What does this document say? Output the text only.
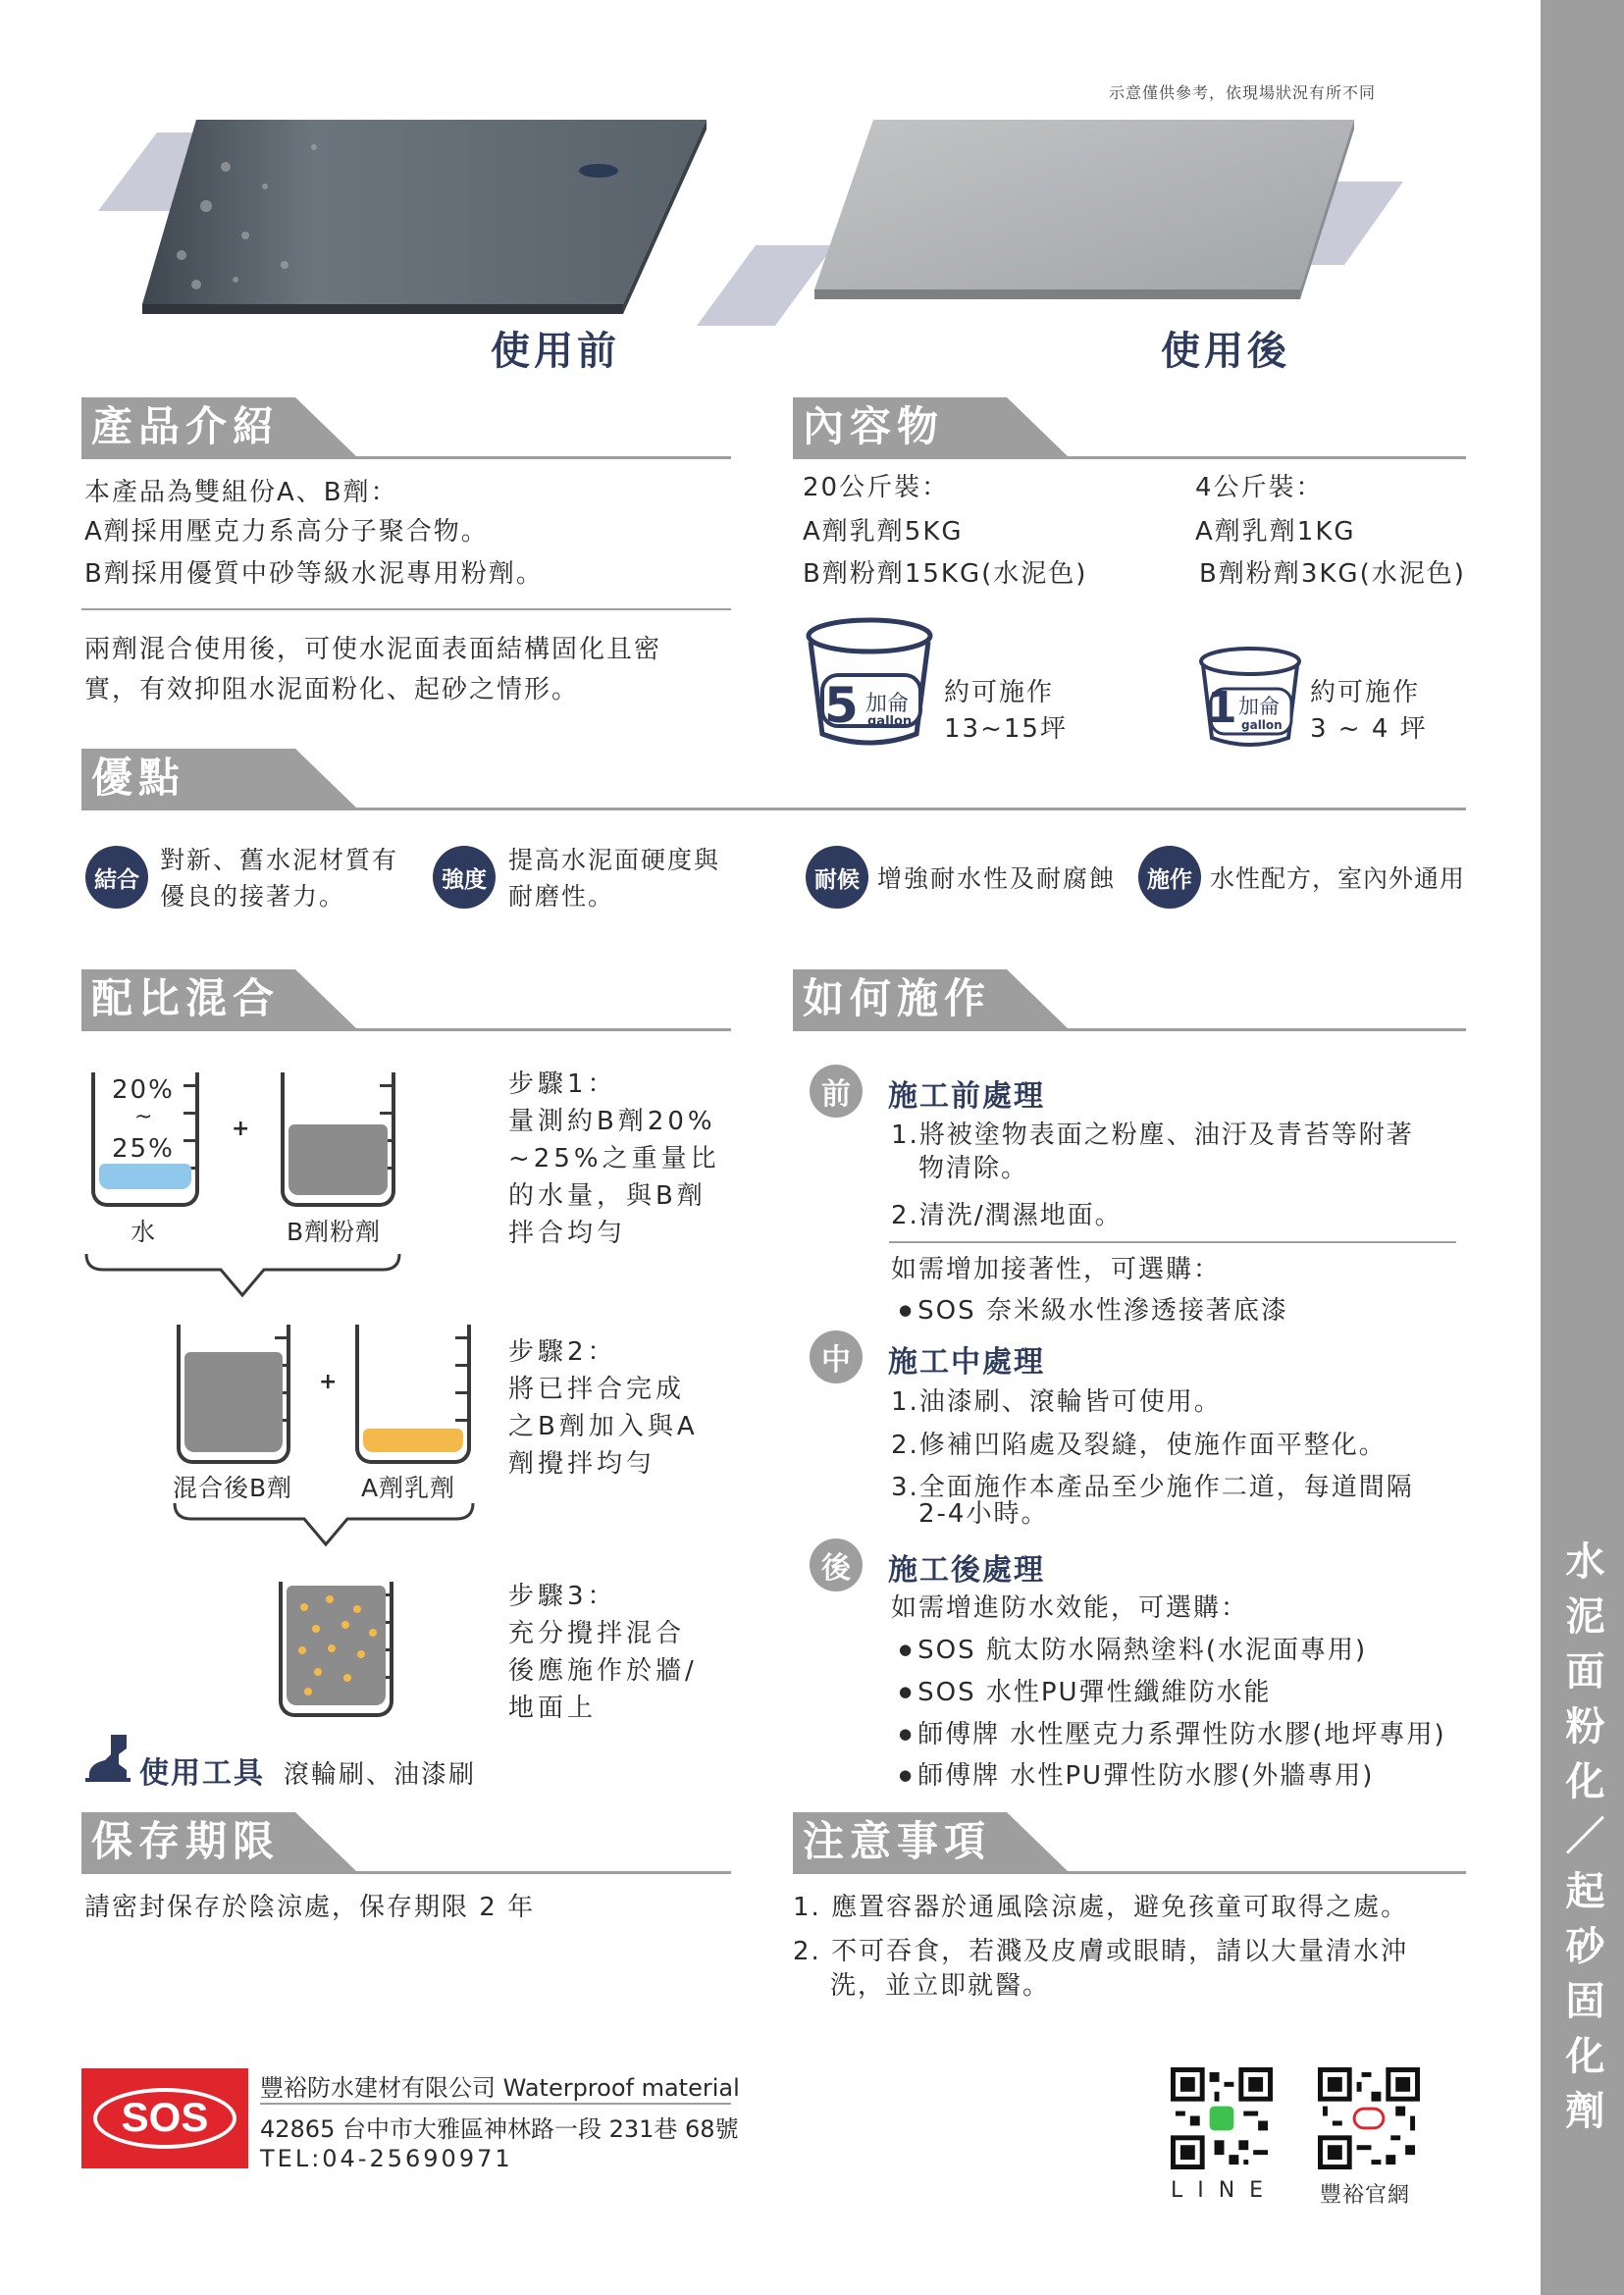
水泥面粉化／起砂固化劑
示意僅供參考，依現場狀況有所不同
使用前	使用後
產品介紹
本產品為雙組份A、B劑：
A劑採用壓克力系高分子聚合物。
B劑採用優質中砂等級水泥專用粉劑。
兩劑混合使用後，可使水泥面表面結構固化且密
實，有效抑阻水泥面粉化、起砂之情形。
內容物
20公斤裝：
A劑乳劑5KG
B劑粉劑15KG(水泥色)
4公斤裝：
A劑乳劑1KG
B劑粉劑3KG(水泥色)
5 加侖
gallon
約可施作
13~15坪	1 加侖
gallon
約可施作
3 ~ 4 坪
優點
結合
對新、舊水泥材質有
優良的接著力。
強度
提高水泥面硬度與
耐磨性。
耐候 增強耐水性及耐腐蝕	施作 水性配方，室內外通用
配比混合
20%
~
25%
+
水	B劑粉劑
步驟1：
量測約B劑20%
~25%之重量比
的水量，與B劑
拌合均勻
+
混合後B劑	A劑乳劑
步驟2：
將已拌合完成
之B劑加入與A
劑攪拌均勻
步驟3：
充分攪拌混合
後應施作於牆/
地面上
使用工具 滾輪刷、油漆刷
如何施作
前	施工前處理
1.將被塗物表面之粉塵、油汙及青苔等附著
物清除。
2.清洗/潤濕地面。
如需增加接著性，可選購：
● SOS 奈米級水性滲透接著底漆
中	施工中處理
1.油漆刷、滾輪皆可使用。
2.修補凹陷處及裂縫，使施作面平整化。
3.全面施作本產品至少施作二道，每道間隔
2-4小時。
後	施工後處理
如需增進防水效能，可選購：
● SOS 航太防水隔熱塗料(水泥面專用)
● SOS 水性PU彈性纖維防水能
● 師傅牌 水性壓克力系彈性防水膠(地坪專用)
● 師傅牌 水性PU彈性防水膠(外牆專用)
保存期限
請密封保存於陰涼處，保存期限 2 年
注意事項
1. 應置容器於通風陰涼處，避免孩童可取得之處。
2. 不可吞食，若濺及皮膚或眼睛，請以大量清水沖
洗，並立即就醫。
SOS
豐裕防水建材有限公司 Waterproof material
42865 台中市大雅區神林路一段 231巷 68號
TEL:04-25690971
L I N E 豐裕官網
